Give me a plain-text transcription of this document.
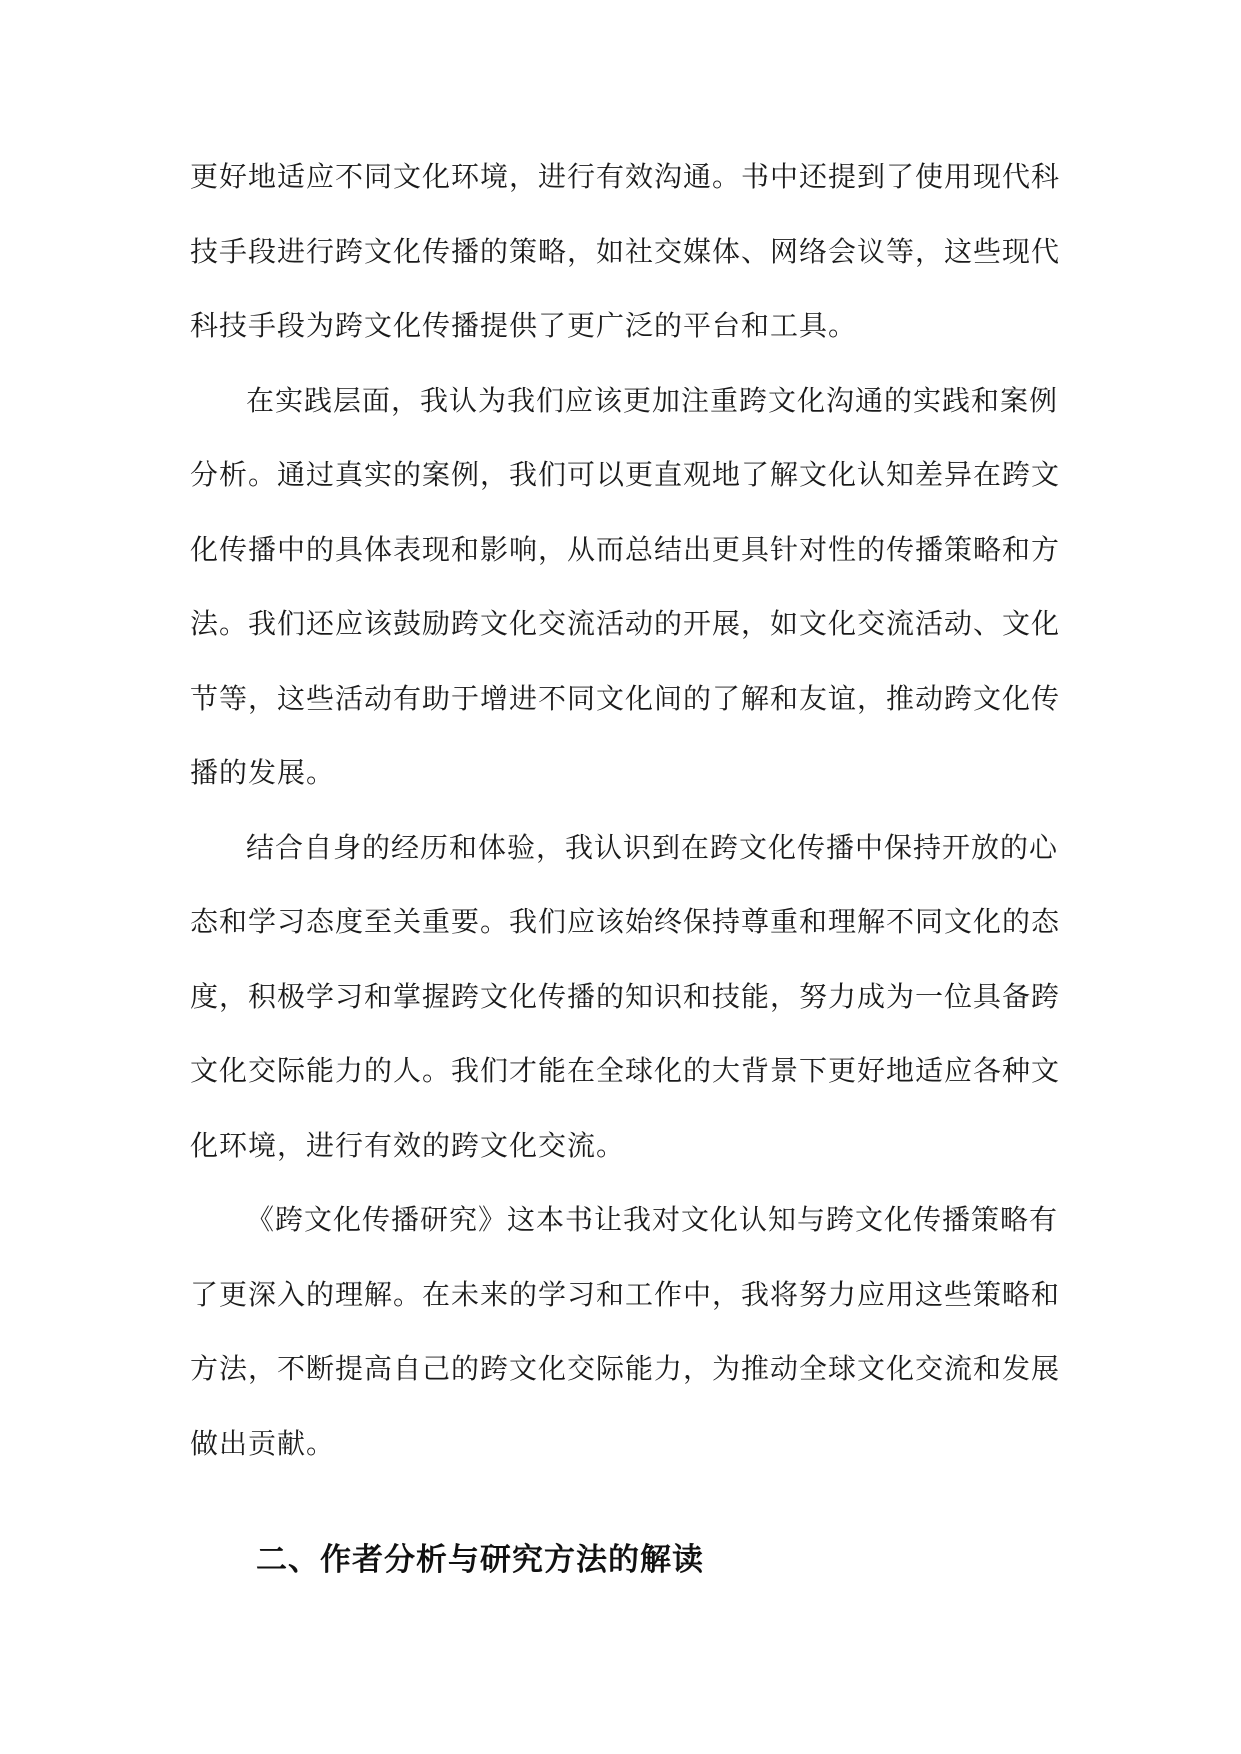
更好地适应不同文化环境，进行有效沟通。书中还提到了使用现代科
技手段进行跨文化传播的策略，如社交媒体、网络会议等，这些现代
科技手段为跨文化传播提供了更广泛的平台和工具。
在实践层面，我认为我们应该更加注重跨文化沟通的实践和案例
分析。通过真实的案例，我们可以更直观地了解文化认知差异在跨文
化传播中的具体表现和影响，从而总结出更具针对性的传播策略和方
法。我们还应该鼓励跨文化交流活动的开展，如文化交流活动、文化
节等，这些活动有助于增进不同文化间的了解和友谊，推动跨文化传
播的发展。
结合自身的经历和体验，我认识到在跨文化传播中保持开放的心
态和学习态度至关重要。我们应该始终保持尊重和理解不同文化的态
度，积极学习和掌握跨文化传播的知识和技能，努力成为一位具备跨
文化交际能力的人。我们才能在全球化的大背景下更好地适应各种文
化环境，进行有效的跨文化交流。
《跨文化传播研究》这本书让我对文化认知与跨文化传播策略有
了更深入的理解。在未来的学习和工作中，我将努力应用这些策略和
方法，不断提高自己的跨文化交际能力，为推动全球文化交流和发展
做出贡献。
二、作者分析与研究方法的解读
